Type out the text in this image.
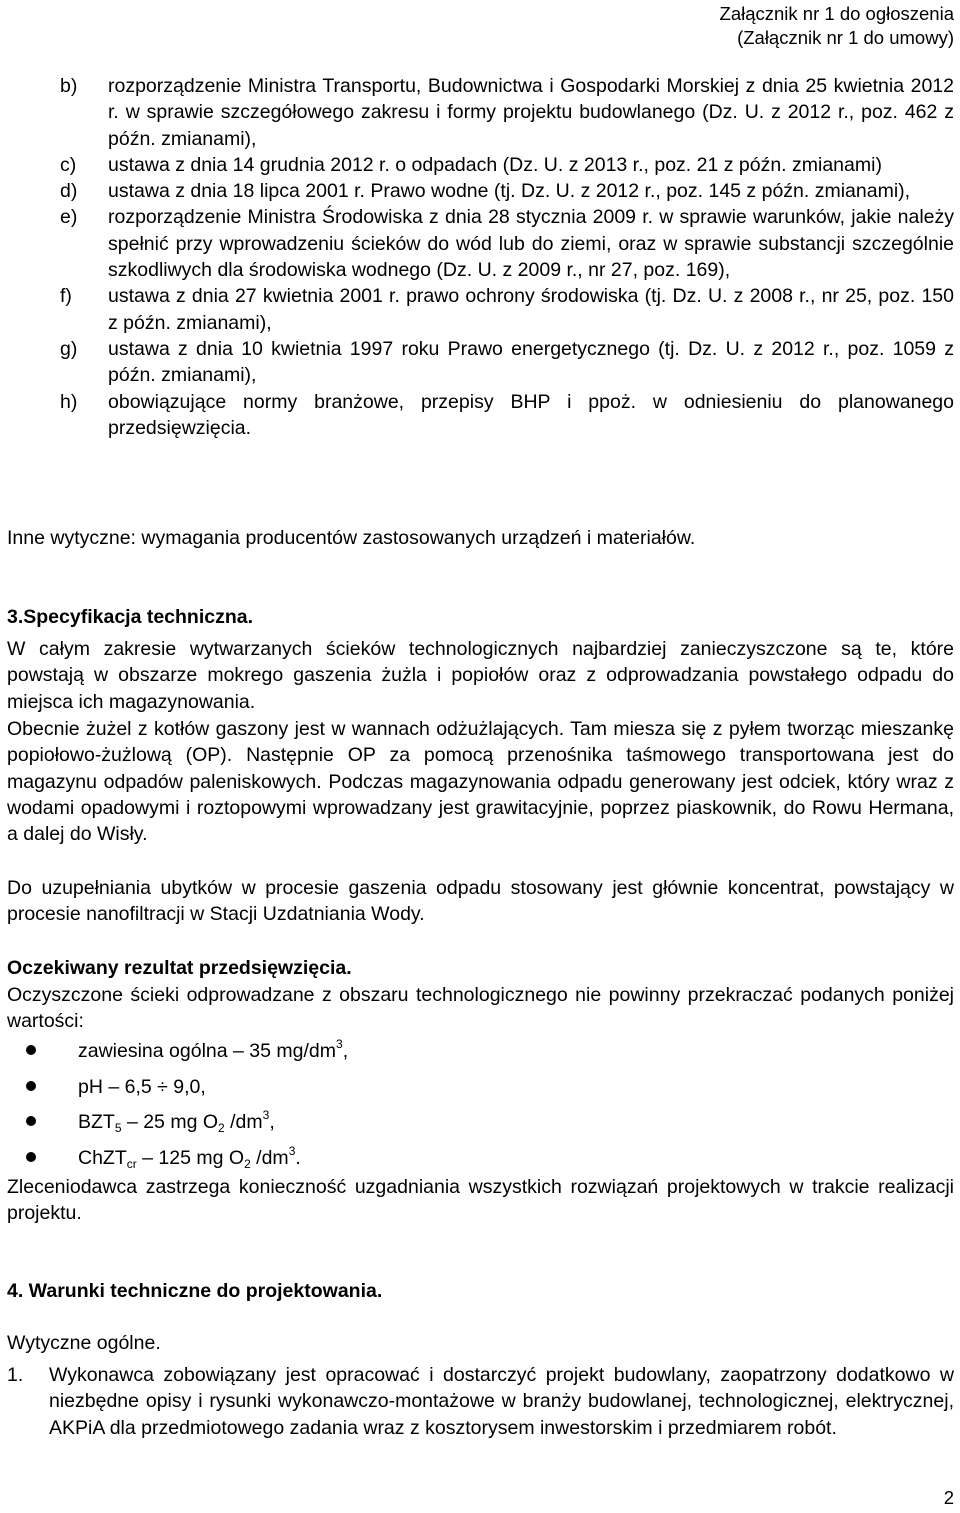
Załącznik nr 1 do ogłoszenia
(Załącznik nr 1 do umowy)
b) rozporządzenie Ministra Transportu, Budownictwa i Gospodarki Morskiej z dnia 25 kwietnia 2012 r. w sprawie szczegółowego zakresu i formy projektu budowlanego (Dz. U. z 2012 r., poz. 462 z późn. zmianami),
c) ustawa z dnia 14 grudnia 2012 r. o odpadach (Dz. U. z 2013 r., poz. 21 z późn. zmianami)
d) ustawa z dnia 18 lipca 2001 r. Prawo wodne (tj. Dz. U. z 2012 r., poz. 145 z późn. zmianami),
e) rozporządzenie Ministra Środowiska z dnia 28 stycznia 2009 r. w sprawie warunków, jakie należy spełnić przy wprowadzeniu ścieków do wód lub do ziemi, oraz w sprawie substancji szczególnie szkodliwych dla środowiska wodnego (Dz. U. z 2009 r., nr 27, poz. 169),
f) ustawa z dnia 27 kwietnia 2001 r. prawo ochrony środowiska (tj. Dz. U. z 2008 r., nr 25, poz. 150 z późn. zmianami),
g) ustawa z dnia 10 kwietnia 1997 roku Prawo energetycznego (tj. Dz. U. z 2012 r., poz. 1059 z późn. zmianami),
h) obowiązujące normy branżowe, przepisy BHP i ppoż. w odniesieniu do planowanego przedsięwzięcia.

Inne wytyczne: wymagania producentów zastosowanych urządzeń i materiałów.

3.Specyfikacja techniczna.

W całym zakresie wytwarzanych ścieków technologicznych najbardziej zanieczyszczone są te, które powstają w obszarze mokrego gaszenia żużla i popiołów oraz z odprowadzania powstałego odpadu do miejsca ich magazynowania.

Obecnie żużel z kotłów gaszony jest w wannach odżużlających. Tam miesza się z pyłem tworząc mieszankę popiołowo-żużlową (OP). Następnie OP za pomocą przenośnika taśmowego transportowana jest do magazynu odpadów paleniskowych. Podczas magazynowania odpadu generowany jest odciek, który wraz z wodami opadowymi i roztopowymi wprowadzany jest grawitacyjnie, poprzez piaskownik, do Rowu Hermana, a dalej do Wisły.

Do uzupełniania ubytków w procesie gaszenia odpadu stosowany jest głównie koncentrat, powstający w procesie nanofiltracji w Stacji Uzdatniania Wody.

Oczekiwany rezultat przedsięwzięcia.

Oczyszczone ścieki odprowadzane z obszaru technologicznego nie powinny przekraczać podanych poniżej wartości:

zawiesina ogólna – 35 $mg/dm^3$,
pH – 6,5 ÷ 9,0,
$BZT_5 - 25$ mg $O_2$ $/dm^3$,
ChZT$_{cr}$ – 125 mg $O_2$ $/dm^3$.

Zleceniodawca zastrzega konieczność uzgadniania wszystkich rozwiązań projektowych w trakcie realizacji projektu.

4. Warunki techniczne do projektowania.

Wytyczne ogólne.

1. Wykonawca zobowiązany jest opracować i dostarczyć projekt budowlany, zaopatrzony dodatkowo w niezbędne opisy i rysunki wykonawczo-montażowe w branży budowlanej, technologicznej, elektrycznej, AKPiA dla przedmiotowego zadania wraz z kosztorysem inwestorskim i przedmiarem robót.
2
